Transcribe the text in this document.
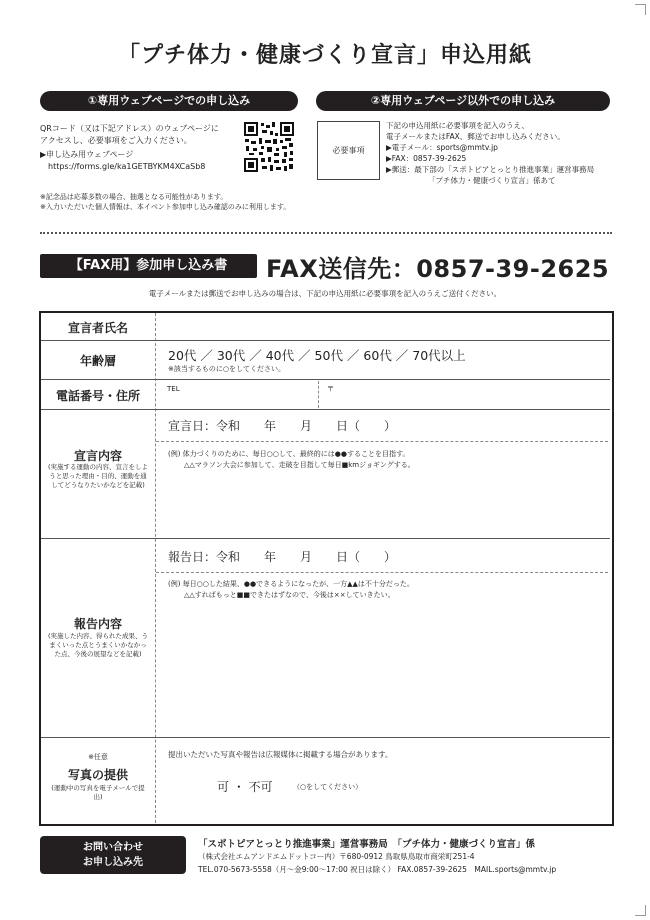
「プチ体力・健康づくり宣言」申込用紙
①専用ウェブページでの申し込み
QRコード（又は下記アドレス）のウェブページに
アクセスし、必要事項をご入力ください。
▶申し込み用ウェブページ
https://forms.gle/ka1GETBYKM4XCaSb8
※記念品は応募多数の場合、抽選となる可能性があります。
※入力いただいた個人情報は、本イベント参加申し込み確認のみに利用します。
②専用ウェブページ以外での申し込み
必要事項
下記の申込用紙に必要事項を記入のうえ、
電子メールまたはFAX、郵送でお申し込みください。
▶電子メール：sports@mmtv.jp
▶FAX：0857-39-2625
▶郵送：最下部の「スポトピアとっとり推進事業」運営事務局
「プチ体力・健康づくり宣言」係あて
【FAX用】参加申し込み書	FAX送信先：0857-39-2625
電子メールまたは郵送でお申し込みの場合は、下記の申込用紙に必要事項を記入のうえご送付ください。
宣言者氏名
年齢層	20代 ／ 30代 ／ 40代 ／ 50代 ／ 60代 ／ 70代以上
※該当するものに○をしてください。
電話番号・住所	TEL	〒
宣言内容
(実施する運動の内容、宣言をしようと思った理由・目的、運動を通してどうなりたいかなどを記載)
宣言日：令和　　年　　月　　日（　　）
(例) 体力づくりのために、毎日○○して、最終的には●●することを目指す。
△△マラソン大会に参加して、走破を目指して毎日■kmジョギングする。
報告内容
(実施した内容、得られた成果、うまくいった点とうまくいかなかった点、今後の展望などを記載)
報告日：令和　　年　　月　　日（　　）
(例) 毎日○○した結果、●●できるようになったが、一方▲▲は不十分だった。
△△すればもっと■■できたはずなので、今後は××していきたい。
※任意
写真の提供
(運動中の写真を電子メールで提出)
提出いただいた写真や報告は広報媒体に掲載する場合があります。
可 ・ 不可	（○をしてください）
お問い合わせ
お申し込み先
「スポトピアとっとり推進事業」運営事務局　「プチ体力・健康づくり宣言」係
（株式会社エムアンドエムドットコー内）〒680-0912 鳥取県鳥取市商栄町251-4
TEL.070-5673-5558（月〜金9:00〜17:00 祝日は除く） FAX.0857-39-2625　MAIL.sports@mmtv.jp
